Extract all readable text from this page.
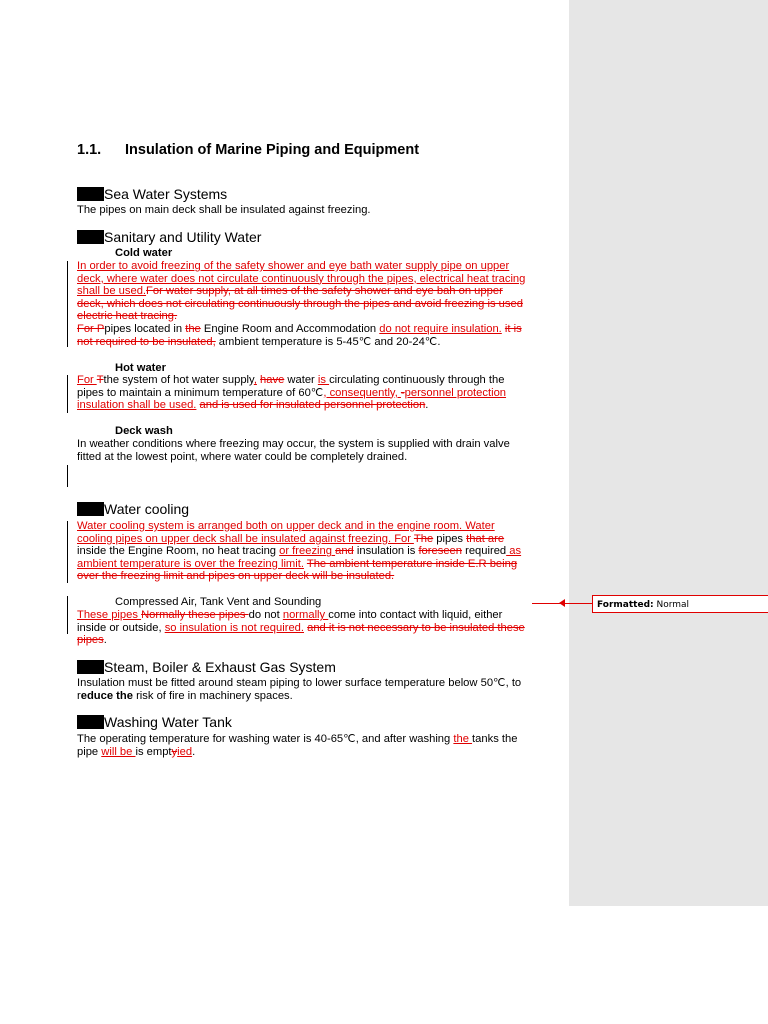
1.1. Insulation of Marine Piping and Equipment
Sea Water Systems
The pipes on main deck shall be insulated against freezing.
Sanitary and Utility Water
Cold water
In order to avoid freezing of the safety shower and eye bath water supply pipe on upper deck, where water does not circulate continuously through the pipes, electrical heat tracing shall be used.For water supply, at all times of the safety shower and eye bah on upper deck, which does not circulating continuously through the pipes and avoid freezing is used electric heat tracing.
For Ppipes located in the Engine Room and Accommodation do not require insulation. it is not required to be insulated, ambient temperature is 5-45℃ and 20-24℃.
Hot water
For Tthe system of hot water supply, have water is circulating continuously through the pipes to maintain a minimum temperature of 60℃, consequently, -personnel protection insulation shall be used. and is used for insulated personnel protection.
Deck wash
In weather conditions where freezing may occur, the system is supplied with drain valve fitted at the lowest point, where water could be completely drained.
Water cooling
Water cooling system is arranged both on upper deck and in the engine room. Water cooling pipes on upper deck shall be insulated against freezing. For The pipes that are inside the Engine Room, no heat tracing or freezing and insulation is foreseen required as ambient temperature is over the freezing limit. The ambient temperature inside E.R being over the freezing limit and pipes on upper deck will be insulated.
Compressed Air, Tank Vent and Sounding
These pipes Normally these pipes do not normally come into contact with liquid, either inside or outside, so insulation is not required. and it is not necessary to be insulated these pipes.
Steam, Boiler & Exhaust Gas System
Insulation must be fitted around steam piping to lower surface temperature below 50℃, to reduce the risk of fire in machinery spaces.
Washing Water Tank
The operating temperature for washing water is 40-65℃, and after washing the tanks the pipe will be is emptyied.
Formatted: Normal
